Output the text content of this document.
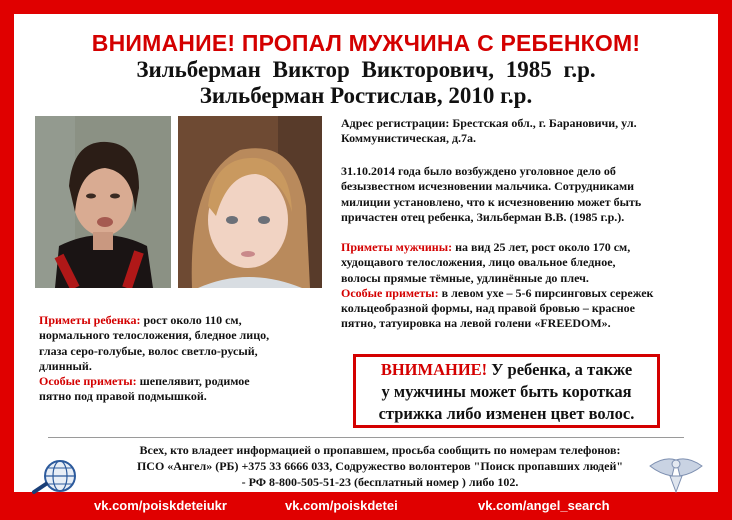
ВНИМАНИЕ! ПРОПАЛ МУЖЧИНА С РЕБЕНКОМ!
Зильберман Виктор Викторович, 1985 г.р.
Зильберман Ростислав, 2010 г.р.
Адрес регистрации: Брестская обл., г. Барановичи, ул.
Коммунистическая, д.7а.
31.10.2014 года было возбуждено уголовное дело об
безызвестном исчезновении мальчика. Сотрудниками
милиции установлено, что к исчезновению может быть
причастен отец ребенка, Зильберман В.В. (1985 г.р.).
Приметы мужчины: на вид 25 лет, рост около 170 см,
худощавого телосложения, лицо овальное бледное,
волосы прямые тёмные, удлинённые до плеч.
Особые приметы: в левом ухе – 5-6 пирсинговых сережек
кольцеобразной формы, над правой бровью – красное
пятно, татуировка на левой голени «FREEDOM».
Приметы ребенка: рост около 110 см,
нормального телосложения, бледное лицо,
глаза серо-голубые, волос светло-русый,
длинный.
Особые приметы: шепелявит, родимое
пятно под правой подмышкой.
ВНИМАНИЕ! У ребенка, а также
у мужчины может быть короткая
стрижка либо изменен цвет волос.
Всех, кто владеет информацией о пропавшем, просьба сообщить по номерам телефонов:
ПСО «Ангел» (РБ) +375 33 6666 033, Содружество волонтеров "Поиск пропавших людей"
- РФ 8-800-505-51-23 (бесплатный номер ) либо 102.
vk.com/poiskdeteiukr	vk.com/poiskdetei	vk.com/angel_search
